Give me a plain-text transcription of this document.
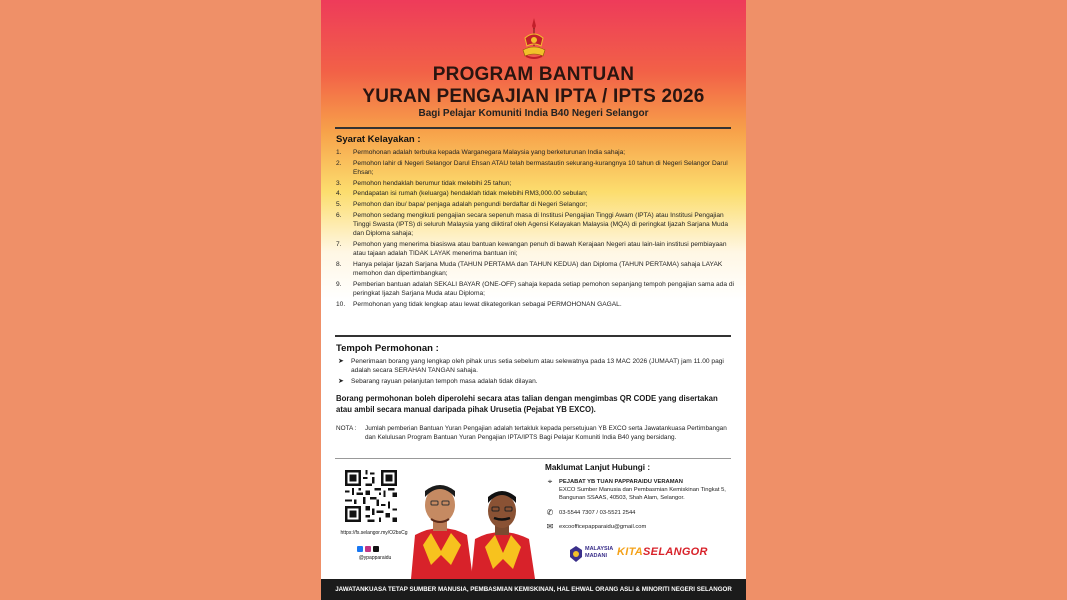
PROGRAM BANTUAN
YURAN PENGAJIAN IPTA / IPTS 2026
Bagi Pelajar Komuniti India B40 Negeri Selangor
Syarat Kelayakan :
1. Permohonan adalah terbuka kepada Warganegara Malaysia yang berketurunan India sahaja;
2. Pemohon lahir di Negeri Selangor Darul Ehsan ATAU telah bermastautin sekurang-kurangnya 10 tahun di Negeri Selangor Darul Ehsan;
3. Pemohon hendaklah berumur tidak melebihi 25 tahun;
4. Pendapatan isi rumah (keluarga) hendaklah tidak melebihi RM3,000.00 sebulan;
5. Pemohon dan ibu/ bapa/ penjaga adalah pengundi berdaftar di Negeri Selangor;
6. Pemohon sedang mengikuti pengajian secara sepenuh masa di Institusi Pengajian Tinggi Awam (IPTA) atau Institusi Pengajian Tinggi Swasta (IPTS) di seluruh Malaysia yang diiktiraf oleh Agensi Kelayakan Malaysia (MQA) di peringkat Ijazah Sarjana Muda dan Diploma sahaja;
7. Pemohon yang menerima biasiswa atau bantuan kewangan penuh di bawah Kerajaan Negeri atau lain-lain institusi pembiayaan atau tajaan adalah TIDAK LAYAK menerima bantuan ini;
8. Hanya pelajar Ijazah Sarjana Muda (TAHUN PERTAMA dan TAHUN KEDUA) dan Diploma (TAHUN PERTAMA) sahaja LAYAK memohon dan dipertimbangkan;
9. Pemberian bantuan adalah SEKALI BAYAR (ONE-OFF) sahaja kepada setiap pemohon sepanjang tempoh pengajian sama ada di peringkat Ijazah Sarjana Muda atau Diploma;
10. Permohonan yang tidak lengkap atau lewat dikategorikan sebagai PERMOHONAN GAGAL.
Tempoh Permohonan :
➤ Penerimaan borang yang lengkap oleh pihak urus setia sebelum atau selewatnya pada 13 MAC 2026 (JUMAAT) jam 11.00 pagi adalah secara SERAHAN TANGAN sahaja.
➤ Sebarang rayuan pelanjutan tempoh masa adalah tidak dilayan.
Borang permohonan boleh diperolehi secara atas talian dengan mengimbas QR CODE yang disertakan atau ambil secara manual daripada pihak Urusetia (Pejabat YB EXCO).
NOTA :	Jumlah pemberian Bantuan Yuran Pengajian adalah tertakluk kepada persetujuan YB EXCO serta Jawatankuasa Pertimbangan dan Kelulusan Program Bantuan Yuran Pengajian IPTA/IPTS Bagi Pelajar Komuniti India B40 yang bersidang.
https://fs.selangor.my/O2bsCg
@ypapparaidu
Maklumat Lanjut Hubungi :
⌖	PEJABAT YB TUAN PAPPARAIDU VERAMAN
EXCO Sumber Manusia dan Pembasmian Kemiskinan Tingkat 5, Bangunan SSAAS, 40503, Shah Alam, Selangor.
✆ 03-5544 7307 / 03-5521 2544
✉ excoofficepapparaidu@gmail.com
MALAYSIA
MADANI KITASELANGOR
JAWATANKUASA TETAP SUMBER MANUSIA, PEMBASMIAN KEMISKINAN, HAL EHWAL ORANG ASLI & MINORITI NEGERI SELANGOR
